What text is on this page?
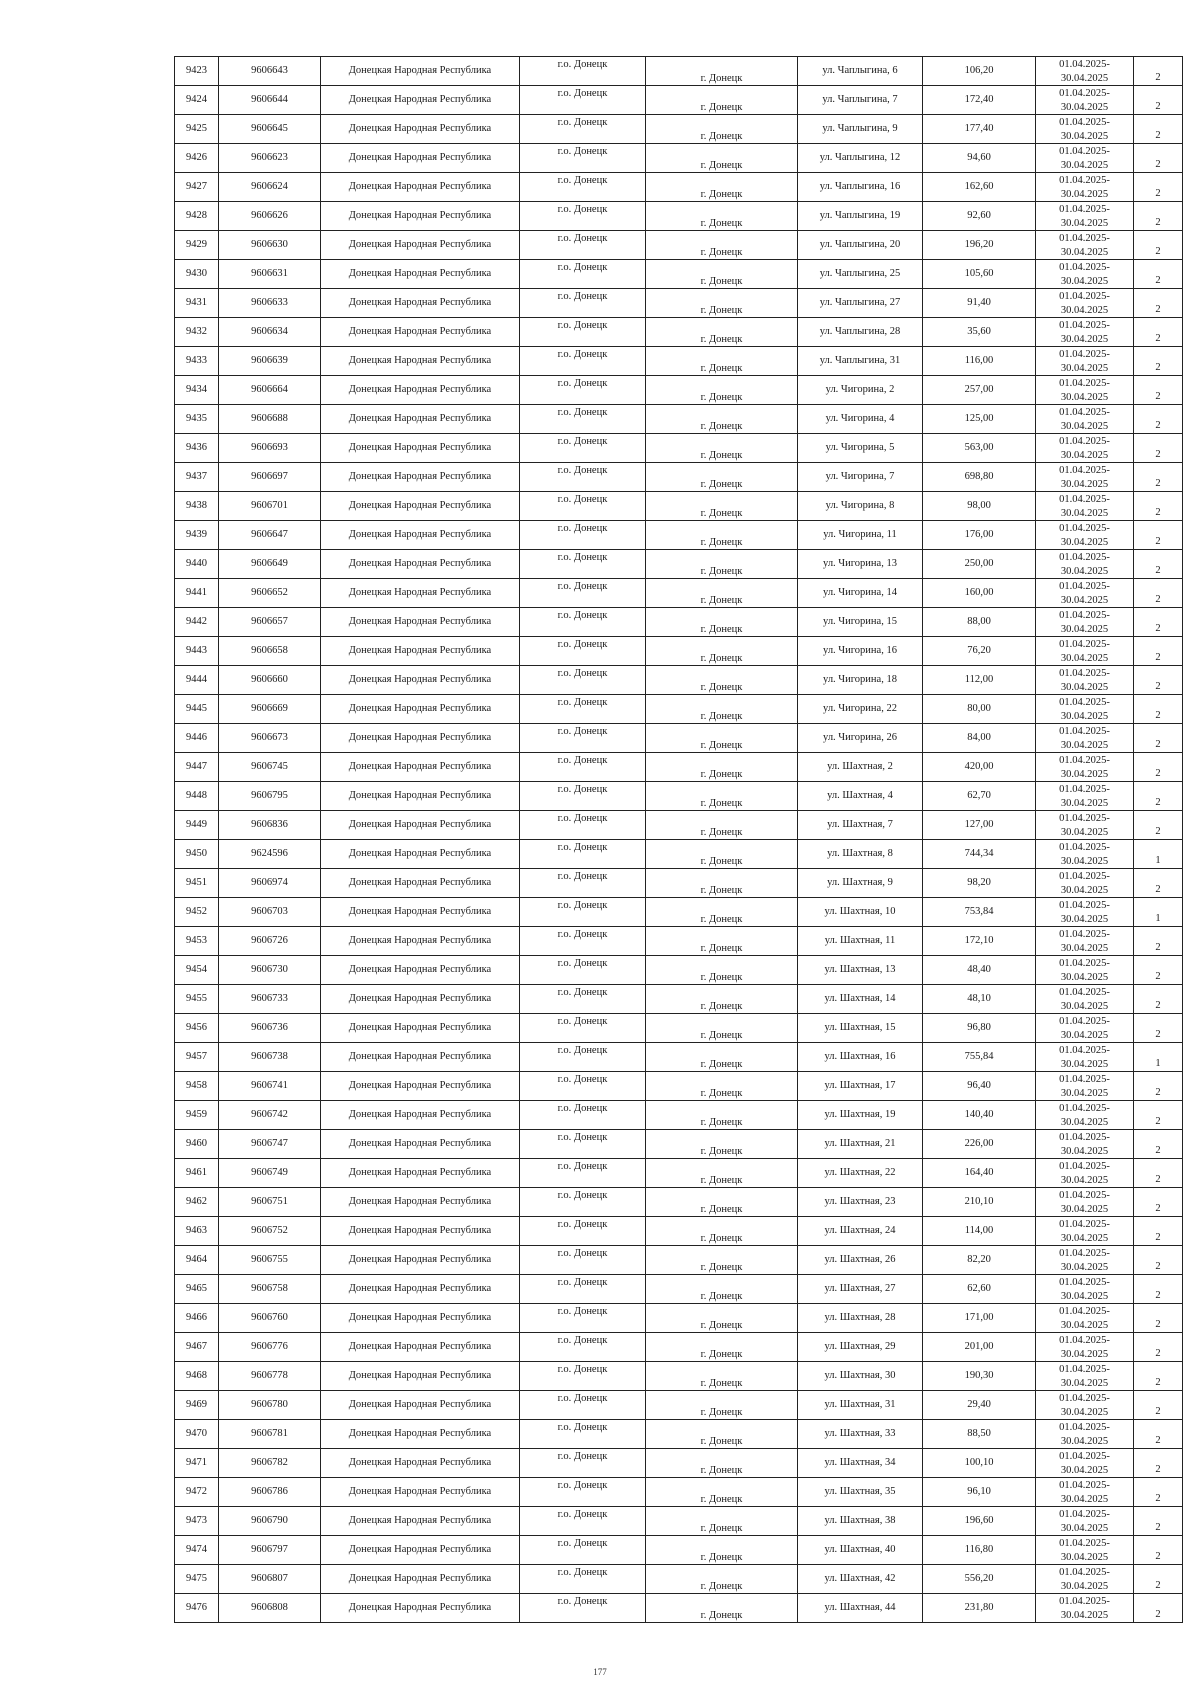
9423	9606643	Донецкая Народная Республика	г.о. Донецк	г. Донецк	ул. Чаплыгина, 6	106,20	01.04.2025-
30.04.2025	2

9424	9606644	Донецкая Народная Республика	г.о. Донецк	г. Донецк	ул. Чаплыгина, 7	172,40	01.04.2025-
30.04.2025	2

9425	9606645	Донецкая Народная Республика	г.о. Донецк	г. Донецк	ул. Чаплыгина, 9	177,40	01.04.2025-
30.04.2025	2

9426	9606623	Донецкая Народная Республика	г.о. Донецк	г. Донецк	ул. Чаплыгина, 12	94,60	01.04.2025-
30.04.2025	2

9427	9606624	Донецкая Народная Республика	г.о. Донецк	г. Донецк	ул. Чаплыгина, 16	162,60	01.04.2025-
30.04.2025	2

9428	9606626	Донецкая Народная Республика	г.о. Донецк	г. Донецк	ул. Чаплыгина, 19	92,60	01.04.2025-
30.04.2025	2

9429	9606630	Донецкая Народная Республика	г.о. Донецк	г. Донецк	ул. Чаплыгина, 20	196,20	01.04.2025-
30.04.2025	2

9430	9606631	Донецкая Народная Республика	г.о. Донецк	г. Донецк	ул. Чаплыгина, 25	105,60	01.04.2025-
30.04.2025	2

9431	9606633	Донецкая Народная Республика	г.о. Донецк	г. Донецк	ул. Чаплыгина, 27	91,40	01.04.2025-
30.04.2025	2

9432	9606634	Донецкая Народная Республика	г.о. Донецк	г. Донецк	ул. Чаплыгина, 28	35,60	01.04.2025-
30.04.2025	2

9433	9606639	Донецкая Народная Республика	г.о. Донецк	г. Донецк	ул. Чаплыгина, 31	116,00	01.04.2025-
30.04.2025	2

9434	9606664	Донецкая Народная Республика	г.о. Донецк	г. Донецк	ул. Чигорина, 2	257,00	01.04.2025-
30.04.2025	2

9435	9606688	Донецкая Народная Республика	г.о. Донецк	г. Донецк	ул. Чигорина, 4	125,00	01.04.2025-
30.04.2025	2

9436	9606693	Донецкая Народная Республика	г.о. Донецк	г. Донецк	ул. Чигорина, 5	563,00	01.04.2025-
30.04.2025	2

9437	9606697	Донецкая Народная Республика	г.о. Донецк	г. Донецк	ул. Чигорина, 7	698,80	01.04.2025-
30.04.2025	2

9438	9606701	Донецкая Народная Республика	г.о. Донецк	г. Донецк	ул. Чигорина, 8	98,00	01.04.2025-
30.04.2025	2

9439	9606647	Донецкая Народная Республика	г.о. Донецк	г. Донецк	ул. Чигорина, 11	176,00	01.04.2025-
30.04.2025	2

9440	9606649	Донецкая Народная Республика	г.о. Донецк	г. Донецк	ул. Чигорина, 13	250,00	01.04.2025-
30.04.2025	2

9441	9606652	Донецкая Народная Республика	г.о. Донецк	г. Донецк	ул. Чигорина, 14	160,00	01.04.2025-
30.04.2025	2

9442	9606657	Донецкая Народная Республика	г.о. Донецк	г. Донецк	ул. Чигорина, 15	88,00	01.04.2025-
30.04.2025	2

9443	9606658	Донецкая Народная Республика	г.о. Донецк	г. Донецк	ул. Чигорина, 16	76,20	01.04.2025-
30.04.2025	2

9444	9606660	Донецкая Народная Республика	г.о. Донецк	г. Донецк	ул. Чигорина, 18	112,00	01.04.2025-
30.04.2025	2

9445	9606669	Донецкая Народная Республика	г.о. Донецк	г. Донецк	ул. Чигорина, 22	80,00	01.04.2025-
30.04.2025	2

9446	9606673	Донецкая Народная Республика	г.о. Донецк	г. Донецк	ул. Чигорина, 26	84,00	01.04.2025-
30.04.2025	2

9447	9606745	Донецкая Народная Республика	г.о. Донецк	г. Донецк	ул. Шахтная, 2	420,00	01.04.2025-
30.04.2025	2

9448	9606795	Донецкая Народная Республика	г.о. Донецк	г. Донецк	ул. Шахтная, 4	62,70	01.04.2025-
30.04.2025	2

9449	9606836	Донецкая Народная Республика	г.о. Донецк	г. Донецк	ул. Шахтная, 7	127,00	01.04.2025-
30.04.2025	2

9450	9624596	Донецкая Народная Республика	г.о. Донецк	г. Донецк	ул. Шахтная, 8	744,34	01.04.2025-
30.04.2025	1

9451	9606974	Донецкая Народная Республика	г.о. Донецк	г. Донецк	ул. Шахтная, 9	98,20	01.04.2025-
30.04.2025	2

9452	9606703	Донецкая Народная Республика	г.о. Донецк	г. Донецк	ул. Шахтная, 10	753,84	01.04.2025-
30.04.2025	1

9453	9606726	Донецкая Народная Республика	г.о. Донецк	г. Донецк	ул. Шахтная, 11	172,10	01.04.2025-
30.04.2025	2

9454	9606730	Донецкая Народная Республика	г.о. Донецк	г. Донецк	ул. Шахтная, 13	48,40	01.04.2025-
30.04.2025	2

9455	9606733	Донецкая Народная Республика	г.о. Донецк	г. Донецк	ул. Шахтная, 14	48,10	01.04.2025-
30.04.2025	2

9456	9606736	Донецкая Народная Республика	г.о. Донецк	г. Донецк	ул. Шахтная, 15	96,80	01.04.2025-
30.04.2025	2

9457	9606738	Донецкая Народная Республика	г.о. Донецк	г. Донецк	ул. Шахтная, 16	755,84	01.04.2025-
30.04.2025	1

9458	9606741	Донецкая Народная Республика	г.о. Донецк	г. Донецк	ул. Шахтная, 17	96,40	01.04.2025-
30.04.2025	2

9459	9606742	Донецкая Народная Республика	г.о. Донецк	г. Донецк	ул. Шахтная, 19	140,40	01.04.2025-
30.04.2025	2

9460	9606747	Донецкая Народная Республика	г.о. Донецк	г. Донецк	ул. Шахтная, 21	226,00	01.04.2025-
30.04.2025	2

9461	9606749	Донецкая Народная Республика	г.о. Донецк	г. Донецк	ул. Шахтная, 22	164,40	01.04.2025-
30.04.2025	2

9462	9606751	Донецкая Народная Республика	г.о. Донецк	г. Донецк	ул. Шахтная, 23	210,10	01.04.2025-
30.04.2025	2

9463	9606752	Донецкая Народная Республика	г.о. Донецк	г. Донецк	ул. Шахтная, 24	114,00	01.04.2025-
30.04.2025	2

9464	9606755	Донецкая Народная Республика	г.о. Донецк	г. Донецк	ул. Шахтная, 26	82,20	01.04.2025-
30.04.2025	2

9465	9606758	Донецкая Народная Республика	г.о. Донецк	г. Донецк	ул. Шахтная, 27	62,60	01.04.2025-
30.04.2025	2

9466	9606760	Донецкая Народная Республика	г.о. Донецк	г. Донецк	ул. Шахтная, 28	171,00	01.04.2025-
30.04.2025	2

9467	9606776	Донецкая Народная Республика	г.о. Донецк	г. Донецк	ул. Шахтная, 29	201,00	01.04.2025-
30.04.2025	2

9468	9606778	Донецкая Народная Республика	г.о. Донецк	г. Донецк	ул. Шахтная, 30	190,30	01.04.2025-
30.04.2025	2

9469	9606780	Донецкая Народная Республика	г.о. Донецк	г. Донецк	ул. Шахтная, 31	29,40	01.04.2025-
30.04.2025	2

9470	9606781	Донецкая Народная Республика	г.о. Донецк	г. Донецк	ул. Шахтная, 33	88,50	01.04.2025-
30.04.2025	2

9471	9606782	Донецкая Народная Республика	г.о. Донецк	г. Донецк	ул. Шахтная, 34	100,10	01.04.2025-
30.04.2025	2

9472	9606786	Донецкая Народная Республика	г.о. Донецк	г. Донецк	ул. Шахтная, 35	96,10	01.04.2025-
30.04.2025	2

9473	9606790	Донецкая Народная Республика	г.о. Донецк	г. Донецк	ул. Шахтная, 38	196,60	01.04.2025-
30.04.2025	2

9474	9606797	Донецкая Народная Республика	г.о. Донецк	г. Донецк	ул. Шахтная, 40	116,80	01.04.2025-
30.04.2025	2

9475	9606807	Донецкая Народная Республика	г.о. Донецк	г. Донецк	ул. Шахтная, 42	556,20	01.04.2025-
30.04.2025	2

9476	9606808	Донецкая Народная Республика	г.о. Донецк	г. Донецк	ул. Шахтная, 44	231,80	01.04.2025-
30.04.2025	2
177
